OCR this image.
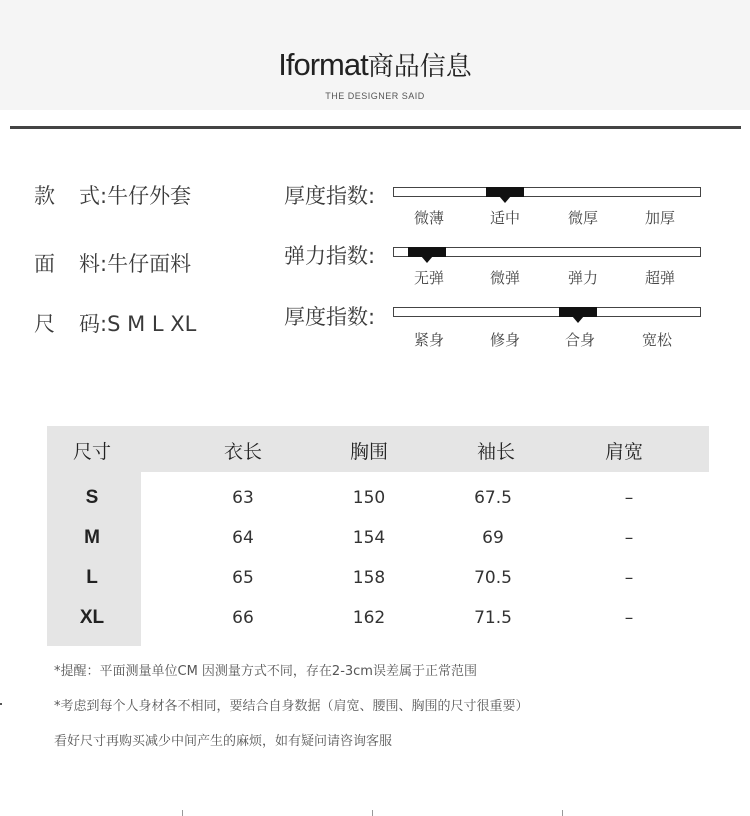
Iformat商品信息
THE DESIGNER SAID
款 式:牛仔外套
面 料:牛仔面料
尺 码:S M L XL
厚度指数:
微薄	适中	微厚	加厚
弹力指数:
无弹	微弹	弹力	超弹
厚度指数:
紧身	修身	合身	宽松
尺寸	衣长	胸围	袖长	肩宽
S	63	150	67.5	–
M	64	154	69	–
L	65	158	70.5	–
XL	66	162	71.5	–
*提醒：平面测量单位CM 因测量方式不同，存在2-3cm误差属于正常范围
*考虑到每个人身材各不相同，要结合自身数据（肩宽、腰围、胸围的尺寸很重要）
看好尺寸再购买减少中间产生的麻烦，如有疑问请咨询客服
